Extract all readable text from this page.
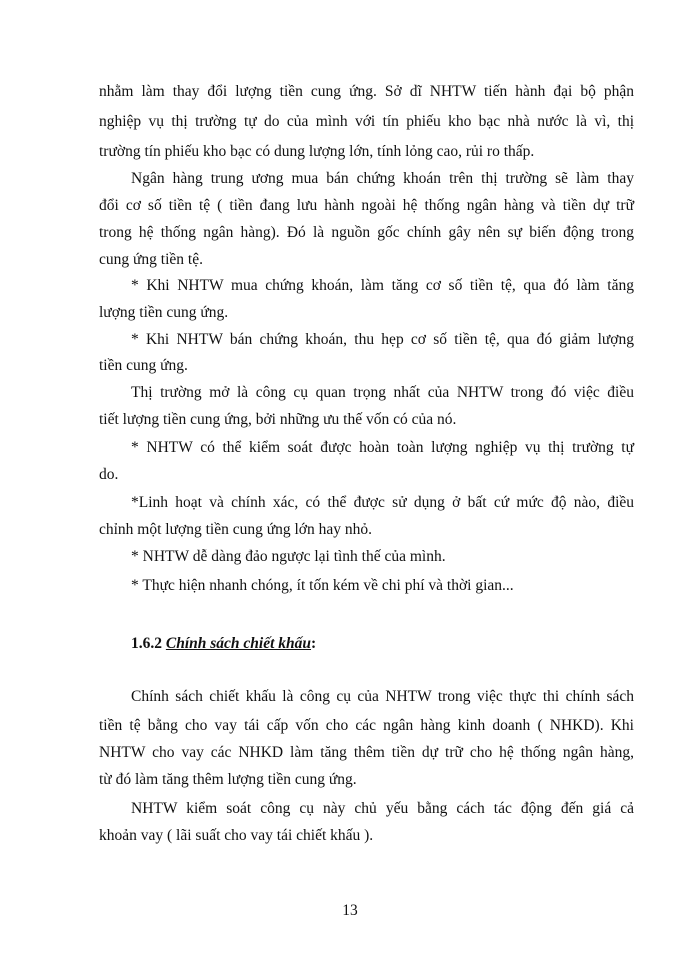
nhằm làm thay đổi lượng tiền cung ứng. Sở dĩ NHTW tiến hành đại bộ phận
nghiệp vụ thị trường tự do của mình với tín phiếu kho bạc nhà nước là vì, thị
trường tín phiếu kho bạc có dung lượng lớn, tính lỏng cao, rủi ro thấp.
Ngân hàng trung ương mua bán chứng khoán trên thị trường sẽ làm thay
đổi cơ số tiền tệ ( tiền đang lưu hành ngoài hệ thống ngân hàng và tiền dự trữ
trong hệ thống ngân hàng). Đó là nguồn gốc chính gây nên sự biến động trong
cung ứng tiền tệ.
* Khi NHTW mua chứng khoán, làm tăng cơ số tiền tệ, qua đó làm tăng
lượng tiền cung ứng.
* Khi NHTW bán chứng khoán, thu hẹp cơ số tiền tệ, qua đó giảm lượng
tiền cung ứng.
Thị trường mở là công cụ quan trọng nhất của NHTW trong đó việc điều
tiết lượng tiền cung ứng, bởi những ưu thế vốn có của nó.
* NHTW có thể kiểm soát được hoàn toàn lượng nghiệp vụ thị trường tự
do.
*Linh hoạt và chính xác, có thể được sử dụng ở bất cứ mức độ nào, điều
chỉnh một lượng tiền cung ứng lớn hay nhỏ.
* NHTW dễ dàng đảo ngược lại tình thế của mình.
* Thực hiện nhanh chóng, ít tốn kém về chi phí và thời gian...
1.6.2 Chính sách chiết khấu:
Chính sách chiết khấu là công cụ của NHTW trong việc thực thi chính sách
tiền tệ bằng cho vay tái cấp vốn cho các ngân hàng kinh doanh ( NHKD). Khi
NHTW cho vay các NHKD làm tăng thêm tiền dự trữ cho hệ thống ngân hàng,
từ đó làm tăng thêm lượng tiền cung ứng.
NHTW kiểm soát công cụ này chủ yếu bằng cách tác động đến giá cả
khoản vay ( lãi suất cho vay tái chiết khấu ).
13
